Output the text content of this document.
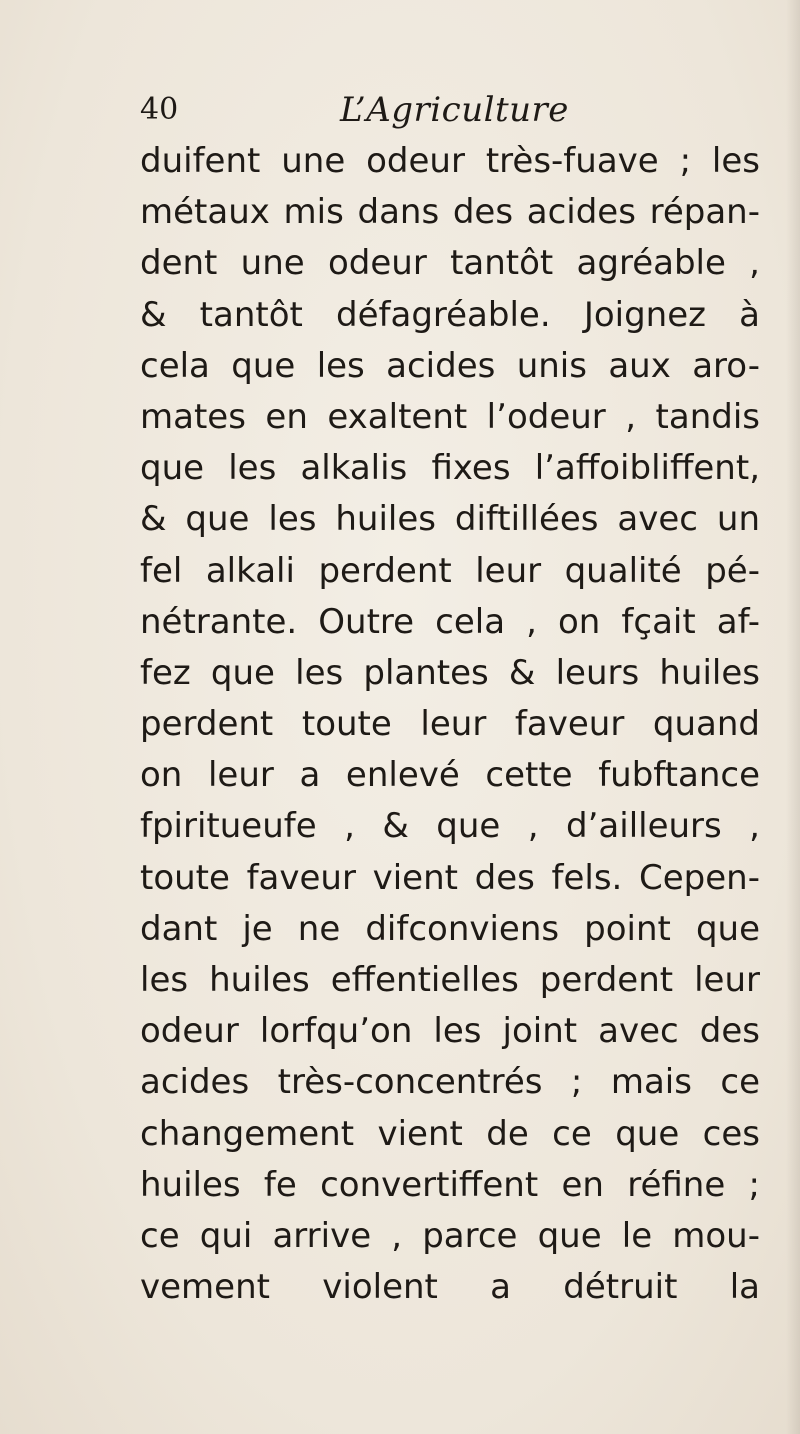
40	L’Agriculture
duifent une odeur très-fuave ; les
métaux mis dans des acides répan-
dent une odeur tantôt agréable ,
& tantôt défagréable. Joignez à
cela que les acides unis aux aro-
mates en exaltent l’odeur , tandis
que les alkalis fixes l’affoibliffent,
& que les huiles diftillées avec un
fel alkali perdent leur qualité pé-
nétrante. Outre cela , on fçait af-
fez que les plantes & leurs huiles
perdent toute leur faveur quand
on leur a enlevé cette fubftance
fpiritueufe , & que , d’ailleurs ,
toute faveur vient des fels. Cepen-
dant je ne difconviens point que
les huiles effentielles perdent leur
odeur lorfqu’on les joint avec des
acides très-concentrés ; mais ce
changement vient de ce que ces
huiles fe convertiffent en réfine ;
ce qui arrive , parce que le mou-
vement violent a détruit la
